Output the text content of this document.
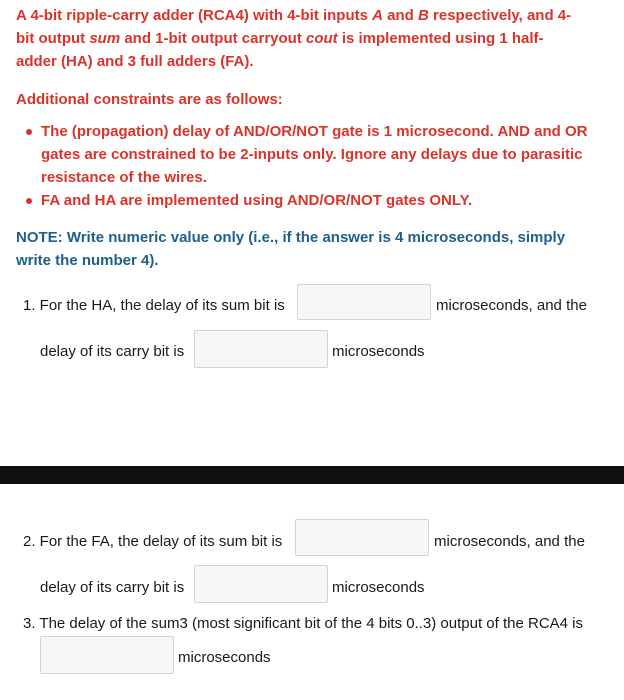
A 4-bit ripple-carry adder (RCA4) with 4-bit inputs A and B respectively, and 4-

bit output sum and 1-bit output carryout cout is implemented using 1 half-

adder (HA) and 3 full adders (FA).

Additional constraints are as follows:
The (propagation) delay of AND/OR/NOT gate is 1 microsecond. AND and OR gates are constrained to be 2-inputs only. Ignore any delays due to parasitic resistance of the wires.
FA and HA are implemented using AND/OR/NOT gates ONLY.

NOTE: Write numeric value only (i.e., if the answer is 4 microseconds, simply

write the number 4).

1. For the HA, the delay of its sum bit is	microseconds, and the
delay of its carry bit is	microseconds
2. For the FA, the delay of its sum bit is	microseconds, and the
delay of its carry bit is	microseconds
3. The delay of the sum3 (most significant bit of the 4 bits 0..3) output of the RCA4 is
microseconds
